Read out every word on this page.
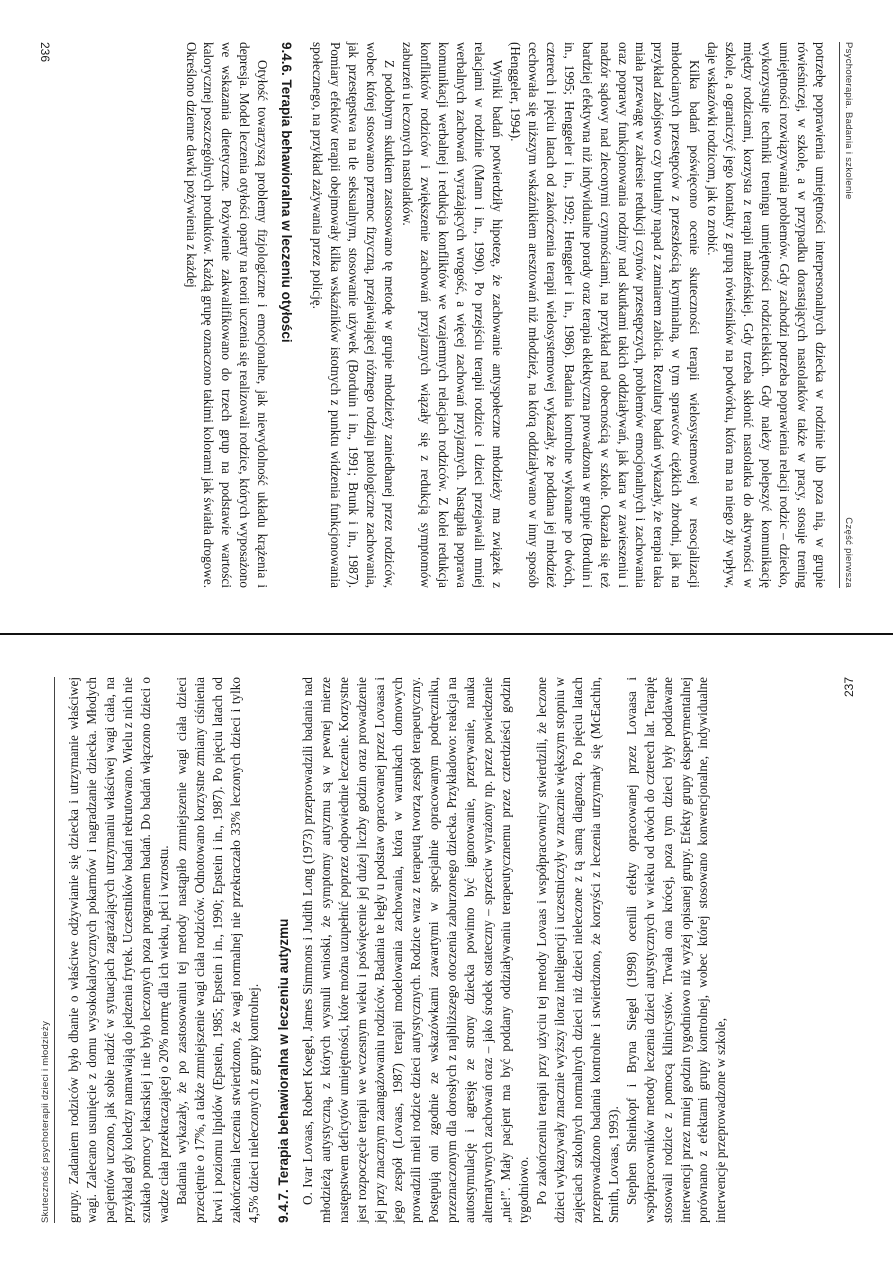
Psychoterapia. Badania i szkolenie
Część pierwsza

potrzebę poprawienia umiejętności interpersonalnych dziecka w rodzinie lub poza nią, w grupie rówieśniczej, w szkole, a w przypadku dorastających nastolatków także w pracy, stosuje trening umiejętności rozwiązywania problemów. Gdy zachodzi potrzeba poprawienia relacji rodzic – dziecko, wykorzystuje techniki treningu umiejętności rodzicielskich. Gdy należy polepszyć komunikację między rodzicami, korzysta z terapii małżeńskiej. Gdy trzeba skłonić nastolatka do aktywności w szkole, a ograniczyć jego kontakty z grupą rówieśników na podwórku, która ma na niego zły wpływ, daje wskazówki rodzicom, jak to zrobić.

Kilka badań poświęcono ocenie skuteczności terapii wielosystemowej w resocjalizacji młodocianych przestępców z przeszłością kryminalną, w tym sprawców ciężkich zbrodni, jak na przykład zabójstwo czy brutalny napad z zamiarem zabicia. Rezultaty badań wykazały, że terapia taka miała przewagę w zakresie redukcji czynów przestępczych, problemów emocjonalnych i zachowania oraz poprawy funkcjonowania rodziny nad skutkami takich oddziaływań, jak kara w zawieszeniu i nadzór sądowy nad zleconymi czynnościami, na przykład nad obecnością w szkole. Okazała się też bardziej efektywna niż indywidualne porady oraz terapia eklektyczna prowadzona w grupie (Borduin i in., 1995; Henggeler i in., 1992; Henggeler i in., 1986). Badania kontrolne wykonane po dwóch, czterech i pięciu latach od zakończenia terapii wielosystemowej wykazały, że poddana jej młodzież cechowała się niższym wskaźnikiem aresztowań niż młodzież, na którą oddziaływano w inny sposób (Henggeler, 1994).

Wyniki badań potwierdziły hipotezę, że zachowanie antyspołeczne młodzieży ma związek z relacjami w rodzinie (Mann i in., 1990). Po przejściu terapii rodzice i dzieci przejawiali mniej werbalnych zachowań wyrażających wrogość, a więcej zachowań przyjaznych. Nastąpiła poprawa komunikacji werbalnej i redukcja konfliktów we wzajemnych relacjach rodziców. Z kolei redukcja konfliktów rodziców i zwiększenie zachowań przyjaznych wiązały się z redukcją symptomów zaburzeń u leczonych nastolatków.

Z podobnym skutkiem zastosowano tę metodę w grupie młodzieży zaniedbanej przez rodziców, wobec której stosowano przemoc fizyczną, przejawiającej różnego rodzaju patologiczne zachowania, jak przestępstwa na tle seksualnym, stosowanie używek (Borduin i in., 1991; Brunk i in., 1987). Pomiary efektów terapii obejmowały kilka wskaźników istotnych z punktu widzenia funkcjonowania społecznego, na przykład zażywania przez policję.

9.4.6. Terapia behawioralna w leczeniu otyłości

Otyłość towarzyszą problemy fizjologiczne i emocjonalne, jak niewydolność układu krążenia i depresja. Model leczenia otyłości oparty na teorii uczenia się realizowali rodzice, których wyposażono we wskazania dietetyczne. Pożywienie zakwalifikowano do trzech grup na podstawie wartości kalorycznej poszczególnych produktów. Każdą grupę oznaczono takimi kolorami jak światła drogowe. Określono dzienne dawki pożywienia z każdej

236
Skuteczność psychoterapii dzieci i młodzieży grupy. Zadaniem rodziców było dbanie o właściwe odżywianie się dziecka i utrzymanie właściwej wagi. Zalecano usunięcie z domu wysokokalorycznych pokarmów i nagradzanie dziecka. Młodych pacjentów uczono, jak sobie radzić w sytuacjach zagrażających utrzymaniu właściwej wagi ciała, na przykład gdy koledzy namawiają do jedzenia frytek. Uczestników badań rekrutowano. Wielu z nich nie szukało pomocy lekarskiej i nie było leczonych poza programem badań. Do badań włączono dzieci o wadze ciała przekraczającej o 20% normę dla ich wieku, płci i wzrostu. Badania wykazały, że po zastosowaniu tej metody nastąpiło zmniejszenie wagi ciała dzieci przeciętnie o 17%, a także zmniejszenie wagi ciała rodziców. Odnotowano korzystne zmiany ciśnienia krwi i poziomu lipidów (Epstein, 1985; Epstein i in., 1990; Epstein i in., 1987). Po pięciu latach od zakończenia leczenia stwierdzono, że wagi normalnej nie przekraczało 33% leczonych dzieci i tylko 4,5% dzieci nieleczonych z grupy kontrolnej. 9.4.7. Terapia behawioralna w leczeniu autyzmu O. Ivar Lovaas, Robert Koegel, James Simmons i Judith Long (1973) przeprowadzili badania nad młodzieżą autystyczną, z których wysnuli wnioski, że symptomy autyzmu są w pewnej mierze następstwem deficytów umiejętności, które można uzupełnić poprzez odpowiednie leczenie. Korzystne jest rozpoczęcie terapii we wczesnym wieku i poświęcenie jej dużej liczby godzin oraz prowadzenie jej przy znacznym zaangażowaniu rodziców. Badania te legły u podstaw opracowanej przez Lovaasa i jego zespół (Lovaas, 1987) terapii modelowania zachowania, która w warunkach domowych prowadzili mieli rodzice dzieci autystycznych. Rodzice wraz z terapeutą tworzą zespół terapeutyczny. Postępują oni zgodnie ze wskazówkami zawartymi w specjalnie opracowanym podręczniku, przeznaczonym dla dorosłych z najbliższego otoczenia zaburzonego dziecka. Przykładowo: reakcja na autostymulację i agresję ze strony dziecka powinno być ignorowanie, przerywanie, nauka alternatywnych zachowań oraz – jako środek ostateczny – sprzeciw wyrażony np. przez powiedzenie „nie!”. Mały pacjent ma być poddany oddziaływaniu terapeutycznemu przez czterdzieści godzin tygodniowo. Po zakończeniu terapii przy użyciu tej metody Lovaas i współpracownicy stwierdzili, że leczone dzieci wykazywały znacznie wyższy iloraz inteligencji i uczestniczyły w znacznie większym stopniu w zajęciach szkolnych normalnych dzieci niż dzieci nieleczone z tą samą diagnozą. Po pięciu latach przeprowadzono badania kontrolne i stwierdzono, że korzyści z leczenia utrzymały się (McEachin, Smith, Lovaas, 1993). Stephen Sheinkopf i Bryna Siegel (1998) ocenili efekty opracowanej przez Lovaasa i współpracowników metody leczenia dzieci autystycznych w wieku od dwóch do czterech lat. Terapię stosowali rodzice z pomocą klinicystów. Trwała ona krócej, poza tym dzieci były poddawane interwencji przez mniej godzin tygodniowo niż wyżej opisanej grupy. Efekty grupy eksperymentalnej porównano z efektami grupy kontrolnej, wobec której stosowano konwencjonalne, indywidualne interwencje przeprowadzone w szkole,

237
